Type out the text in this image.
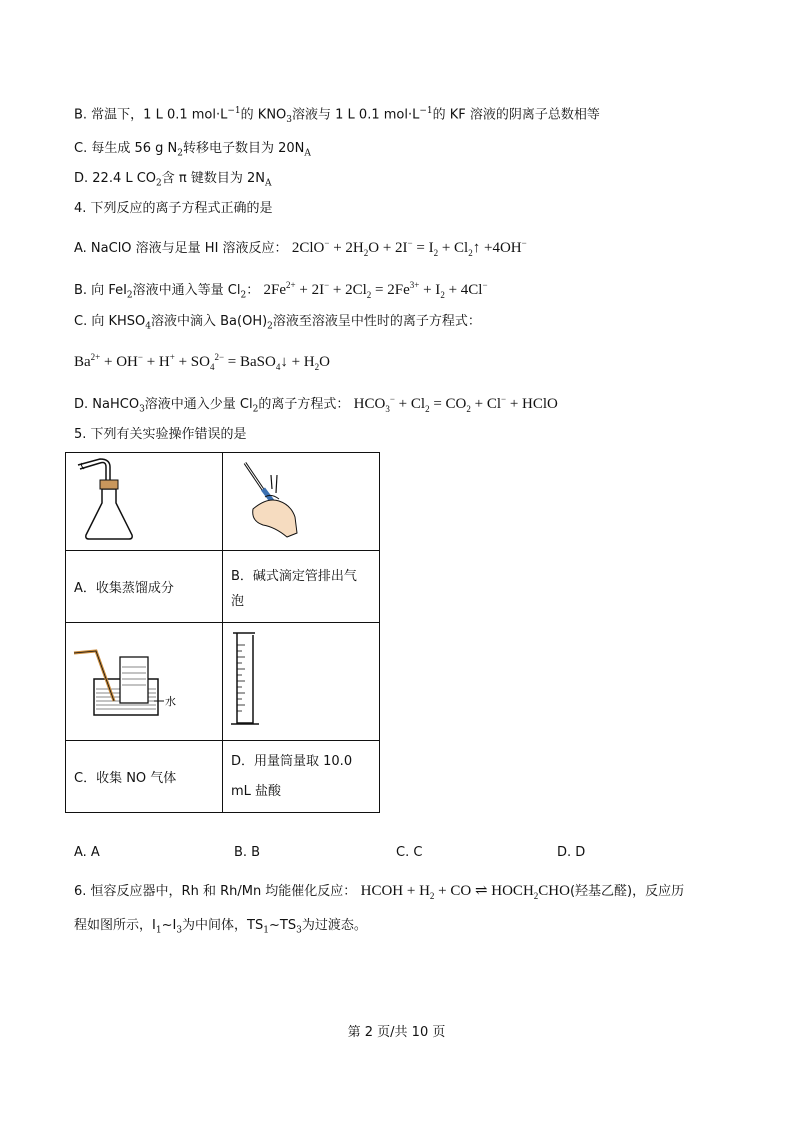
B. 常温下，1 L 0.1 $mol\cdot L^{-1}$的 $KNO_3$溶液与 1 L 0.1 $mol\cdot L^{-1}$的 KF 溶液的阴离子总数相等
C. 每生成 56 g $N_2$转移电子数目为 $20N_A$
D. 22.4 L $CO_2$含 π 键数目为 $2N_A$
4. 下列反应的离子方程式正确的是
A. NaClO 溶液与足量 HI 溶液反应： $2ClO^- + 2H_2O + 2I^- = I_2$ + $Cl_2↑ +4OH^-$
B. 向 FeI$_2$溶液中通入等量 $Cl_2$： $2Fe^{2+} + 2I^- + 2Cl_2 = 2Fe^{3+} + I_2 + 4Cl^-$
C. 向 $KHSO_4$溶液中滴入 $Ba(OH)_2$溶液至溶液呈中性时的离子方程式：
$Ba^{2+} + OH^- + H^+ + SO_4^{2-}$ = BaSO$_4$↓ + $H_2O$
D. NaHCO$_3$溶液中通入少量 $Cl_2$的离子方程式： $HCO_3^- + Cl_2 = CO_2 + Cl^-$ + HClO
5. 下列有关实验操作错误的是

A．收集蒸馏成分	B．碱式滴定管排出气
泡

水

C．收集 NO 气体	D．用量筒量取 10.0
mL 盐酸
A. A	B. B	C. C	D. D
6. 恒容反应器中，Rh 和 Rh/Mn 均能催化反应： HCOH + $H_2$ + CO ⇌ $HOCH_2CHO$(羟基乙醛)，反应历
程如图所示，$I_1\sim I_3$为中间体，$TS_1\sim TS_3$为过渡态。
第 2 页/共 10 页
